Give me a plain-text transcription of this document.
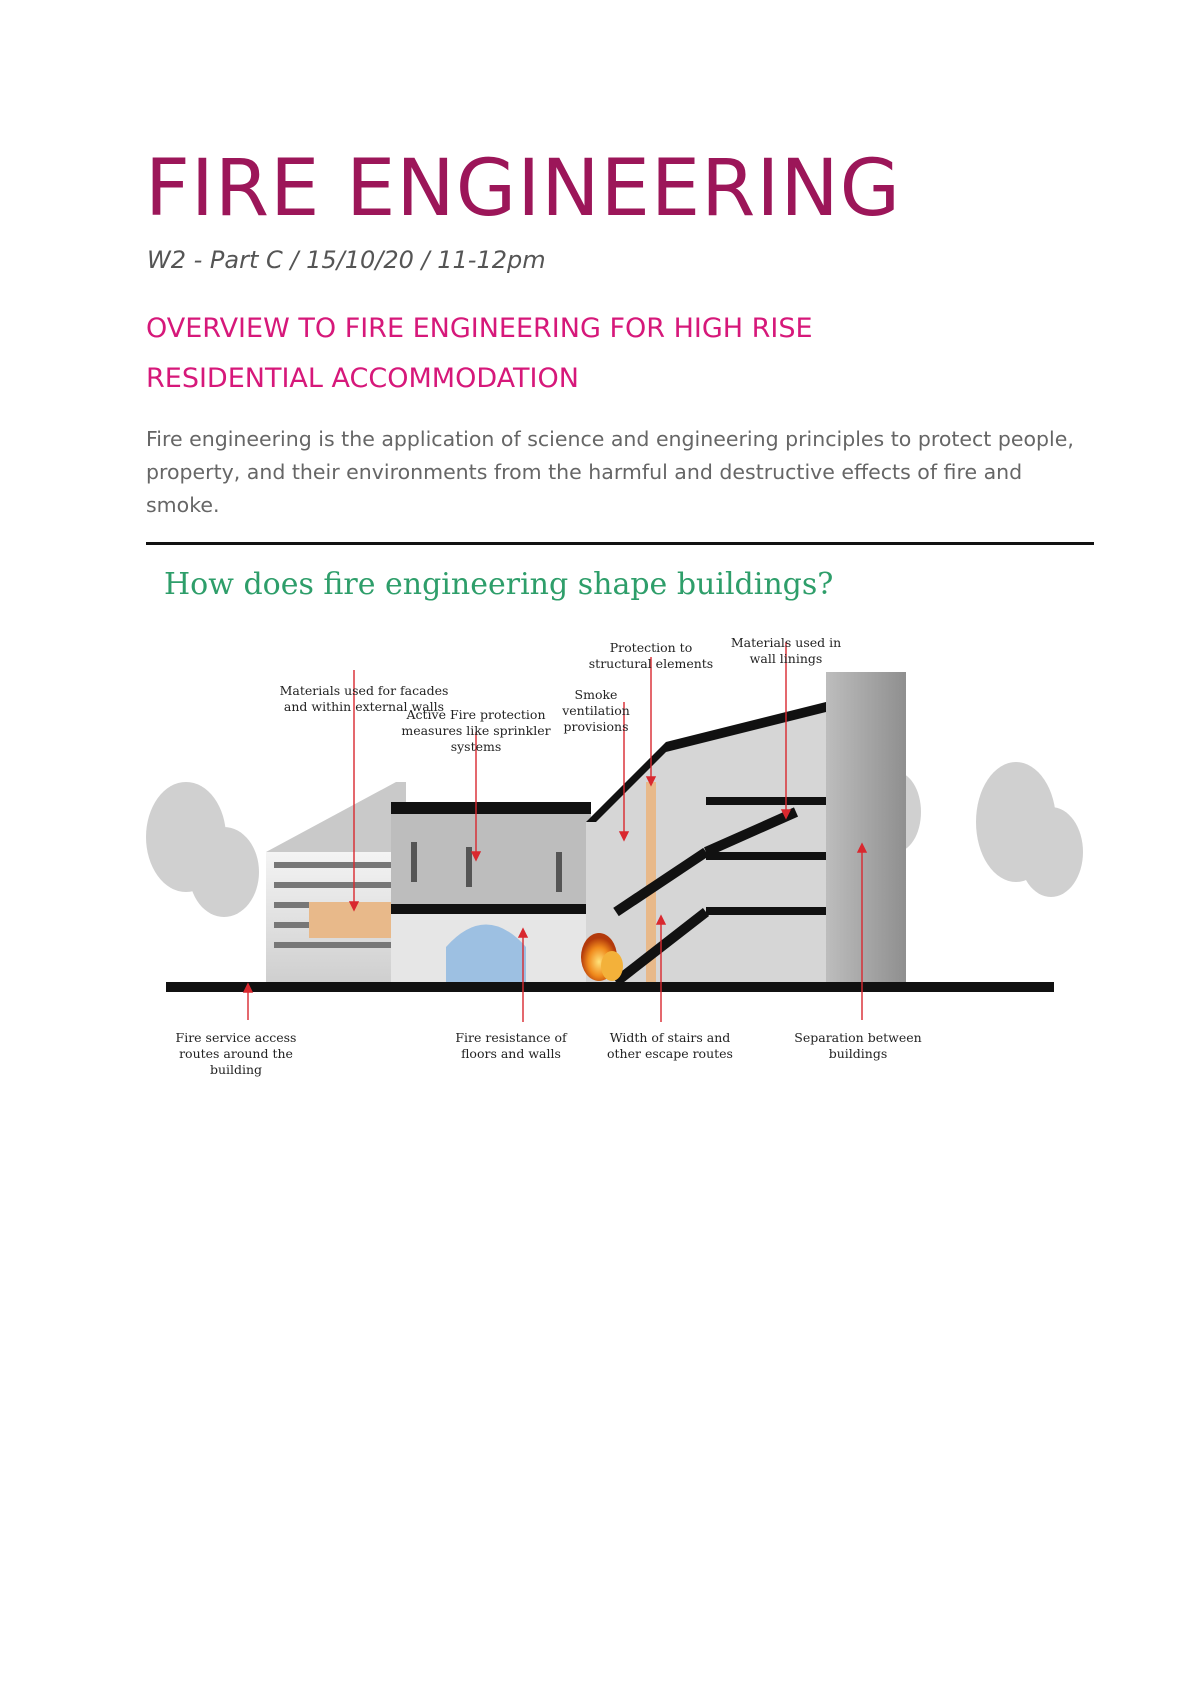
FIRE ENGINEERING

W2 - Part C / 15/10/20 / 11-12pm

OVERVIEW TO FIRE ENGINEERING FOR HIGH RISE
RESIDENTIAL ACCOMMODATION

Fire engineering is the application of science and engineering principles to protect people, property, and their environments from the harmful and destructive effects of fire and smoke.

How does fire engineering shape buildings?
Materials used for facades
and within external walls
Active Fire protection
measures like sprinkler
systems
Smoke
ventilation
provisions
Protection to
structural elements
Materials used in
wall linings
Fire service access
routes around the
building
Fire resistance of
floors and walls
Width of stairs and
other escape routes
Separation between
buildings
